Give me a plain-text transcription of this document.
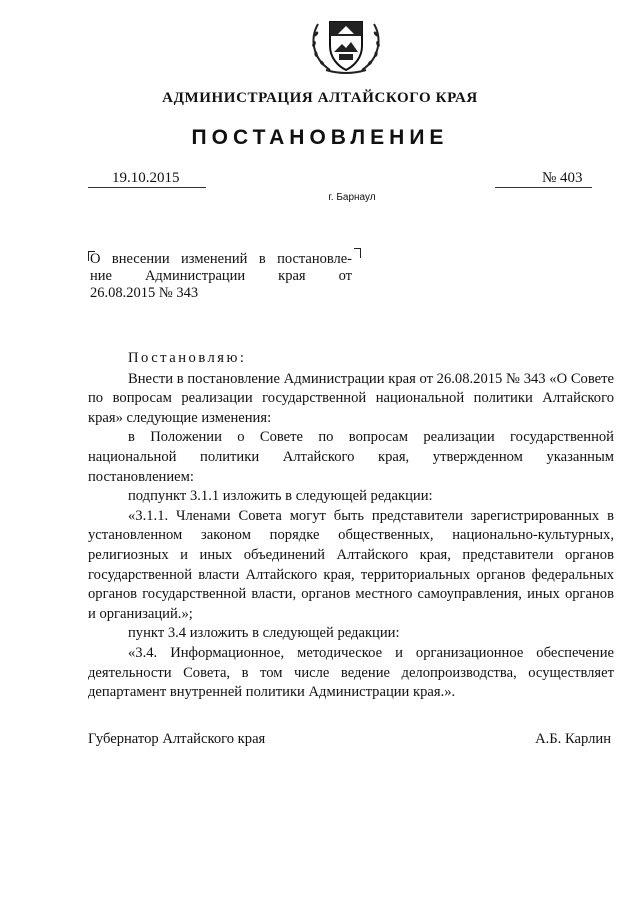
АДМИНИСТРАЦИЯ АЛТАЙСКОГО КРАЯ
ПОСТАНОВЛЕНИЕ
19.10.2015	№ 403
г. Барнаул
О внесении изменений в постановле-
ние Администрации края от
26.08.2015 № 343

Постановляю:

Внести в постановление Администрации края от 26.08.2015 № 343 «О Совете по вопросам реализации государственной национальной политики Алтайского края» следующие изменения:

в Положении о Совете по вопросам реализации государственной национальной политики Алтайского края, утвержденном указанным постановлением:

подпункт 3.1.1 изложить в следующей редакции:

«3.1.1. Членами Совета могут быть представители зарегистрированных в установленном законом порядке общественных, национально-культурных, религиозных и иных объединений Алтайского края, представители органов государственной власти Алтайского края, территориальных органов федеральных органов государственной власти, органов местного самоуправления, иных органов и организаций.»;

пункт 3.4 изложить в следующей редакции:

«3.4. Информационное, методическое и организационное обеспечение деятельности Совета, в том числе ведение делопроизводства, осуществляет департамент внутренней политики Администрации края.».

Губернатор Алтайского края	А.Б. Карлин
